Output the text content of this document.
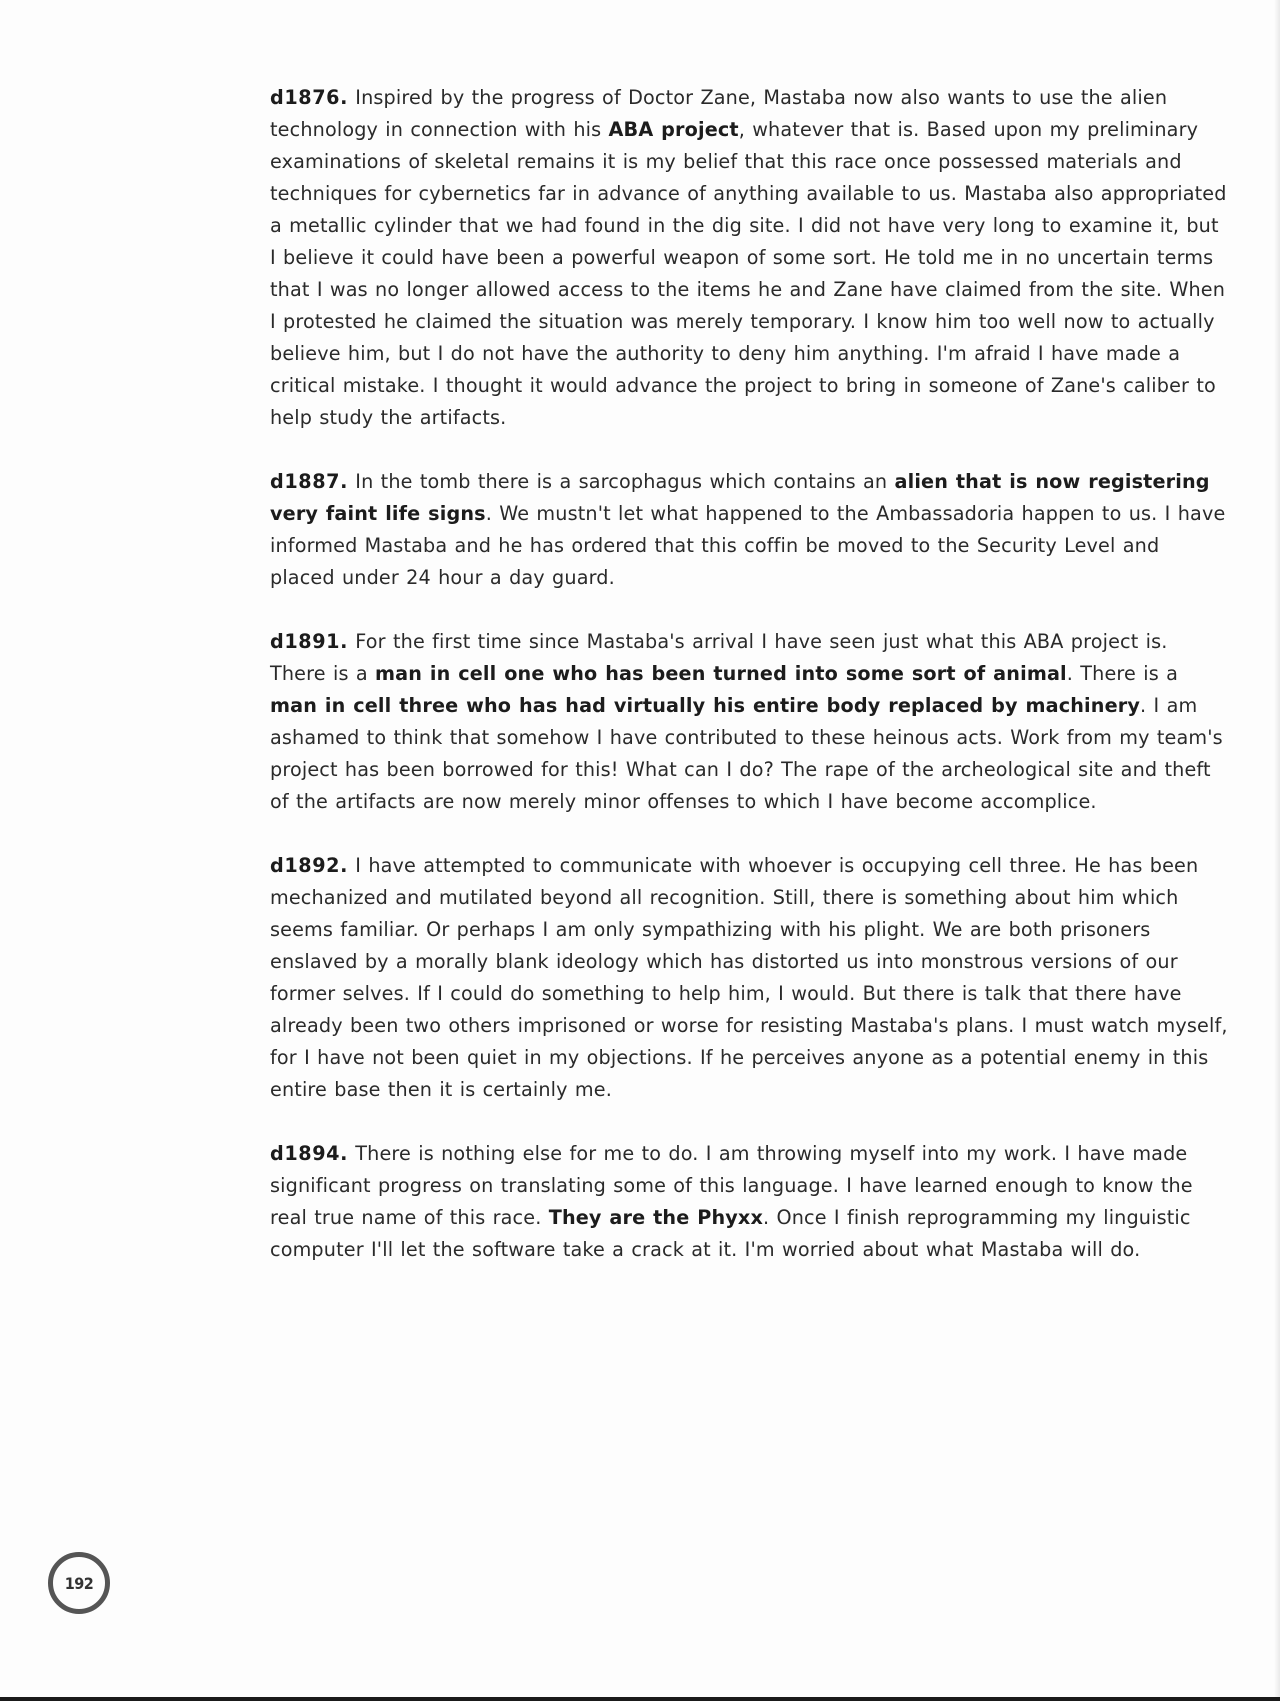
d1876. Inspired by the progress of Doctor Zane, Mastaba now also wants to use the alien technology in connection with his ABA project, whatever that is. Based upon my preliminary examinations of skeletal remains it is my belief that this race once possessed materials and techniques for cybernetics far in advance of anything available to us. Mastaba also appropriated a metallic cylinder that we had found in the dig site. I did not have very long to examine it, but I believe it could have been a powerful weapon of some sort. He told me in no uncertain terms that I was no longer allowed access to the items he and Zane have claimed from the site. When I protested he claimed the situation was merely temporary. I know him too well now to actually believe him, but I do not have the authority to deny him anything. I'm afraid I have made a critical mistake. I thought it would advance the project to bring in someone of Zane's caliber to help study the artifacts.

d1887. In the tomb there is a sarcophagus which contains an alien that is now registering very faint life signs. We mustn't let what happened to the Ambassadoria happen to us. I have informed Mastaba and he has ordered that this coffin be moved to the Security Level and placed under 24 hour a day guard.

d1891. For the first time since Mastaba's arrival I have seen just what this ABA project is. There is a man in cell one who has been turned into some sort of animal. There is a man in cell three who has had virtually his entire body replaced by machinery. I am ashamed to think that somehow I have contributed to these heinous acts. Work from my team's project has been borrowed for this! What can I do? The rape of the archeological site and theft of the artifacts are now merely minor offenses to which I have become accomplice.

d1892. I have attempted to communicate with whoever is occupying cell three. He has been mechanized and mutilated beyond all recognition. Still, there is something about him which seems familiar. Or perhaps I am only sympathizing with his plight. We are both prisoners enslaved by a morally blank ideology which has distorted us into monstrous versions of our former selves. If I could do something to help him, I would. But there is talk that there have already been two others imprisoned or worse for resisting Mastaba's plans. I must watch myself, for I have not been quiet in my objections. If he perceives anyone as a potential enemy in this entire base then it is certainly me.

d1894. There is nothing else for me to do. I am throwing myself into my work. I have made significant progress on translating some of this language. I have learned enough to know the real true name of this race. They are the Phyxx. Once I finish reprogramming my linguistic computer I'll let the software take a crack at it. I'm worried about what Mastaba will do.

192
